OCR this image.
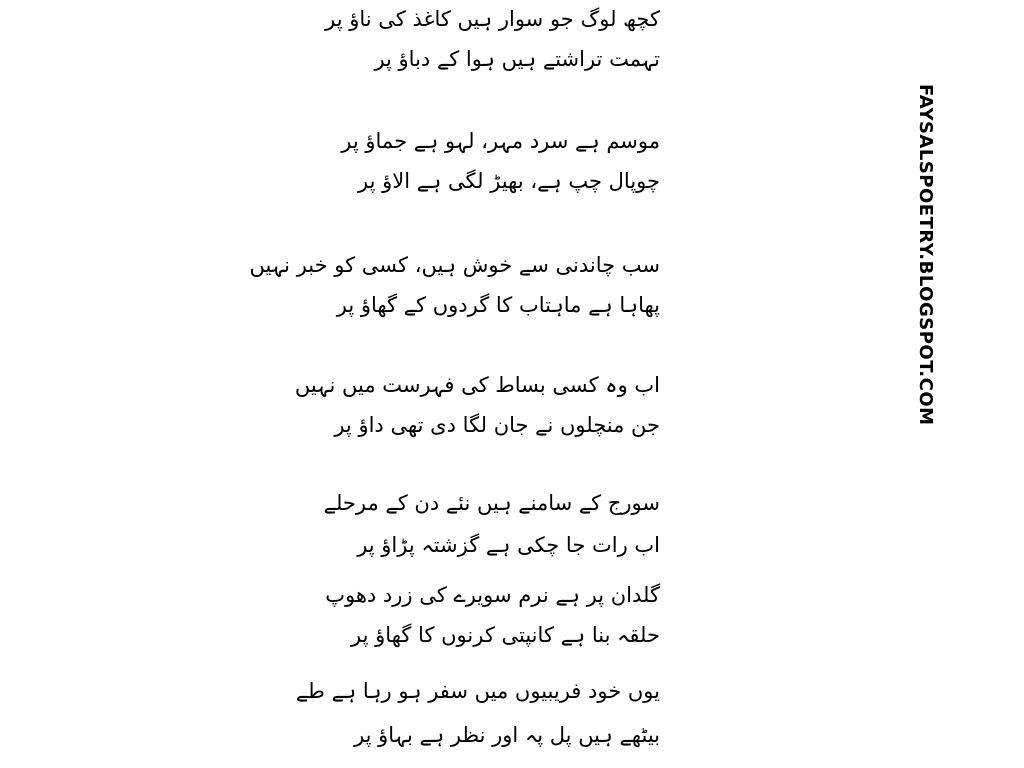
کچھ لوگ جو سوار ہیں کاغذ کی ناؤ پر
تہمت تراشتے ہیں ہوا کے دباؤ پر
موسم ہے سرد مہر، لہو ہے جماؤ پر
چوپال چپ ہے، بھیڑ لگی ہے الاؤ پر
سب چاندنی سے خوش ہیں، کسی کو خبر نہیں
پھاہا ہے ماہتاب کا گردوں کے گھاؤ پر
اب وہ کسی بساط کی فہرست میں نہیں
جن منچلوں نے جان لگا دی تھی داؤ پر
سورج کے سامنے ہیں نئے دن کے مرحلے
اب رات جا چکی ہے گزشتہ پڑاؤ پر
گلدان پر ہے نرم سویرے کی زرد دھوپ
حلقہ بنا ہے کانپتی کرنوں کا گھاؤ پر
یوں خود فریبیوں میں سفر ہو رہا ہے طے
بیٹھے ہیں پل پہ اور نظر ہے بہاؤ پر
FAYSALSPOETRY.BLOGSPOT.COM
